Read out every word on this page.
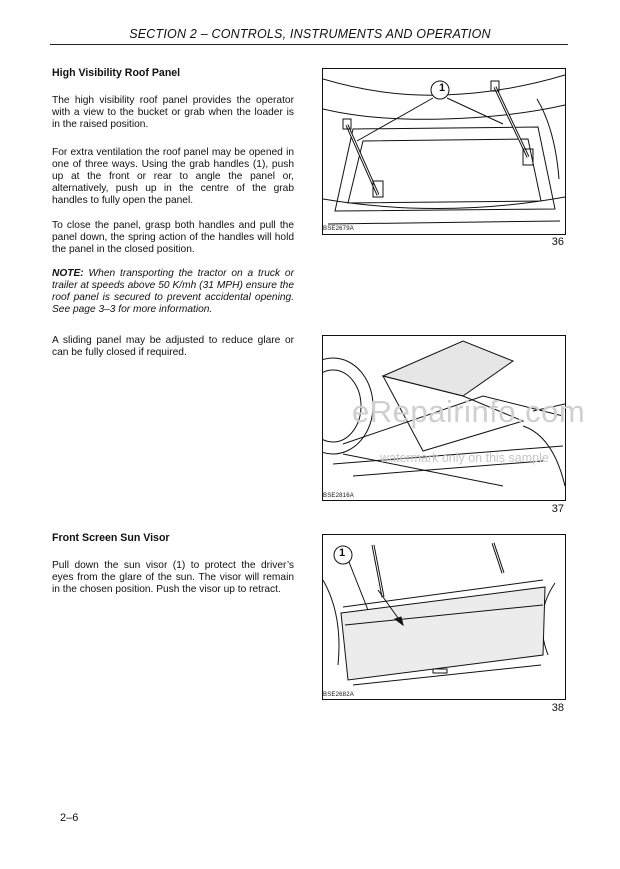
SECTION 2 – CONTROLS, INSTRUMENTS AND OPERATION
High Visibility Roof Panel

The high visibility roof panel provides the operator with a view to the bucket or grab when the loader is in the raised position.

For extra ventilation the roof panel may be opened in one of three ways. Using the grab handles (1), push up at the front or rear to angle the panel or, alternatively, push up in the centre of the grab handles to fully open the panel.

To close the panel, grasp both handles and pull the panel down, the spring action of the handles will hold the panel in the closed position.

NOTE: When transporting the tractor on a truck or trailer at speeds above 50 K/mh (31 MPH) ensure the roof panel is secured to prevent accidental opening. See page 3–3 for more information.

A sliding panel may be adjusted to reduce glare or can be fully closed if required.

Front Screen Sun Visor

Pull down the sun visor (1) to protect the driver’s eyes from the glare of the sun. The visor will remain in the chosen position. Push the visor up to retract.

1
BSE2679A
36
BSE2816A
37
1
BSE2682A
38
eRepairinfo.com
watermark only on this sample
2–6
